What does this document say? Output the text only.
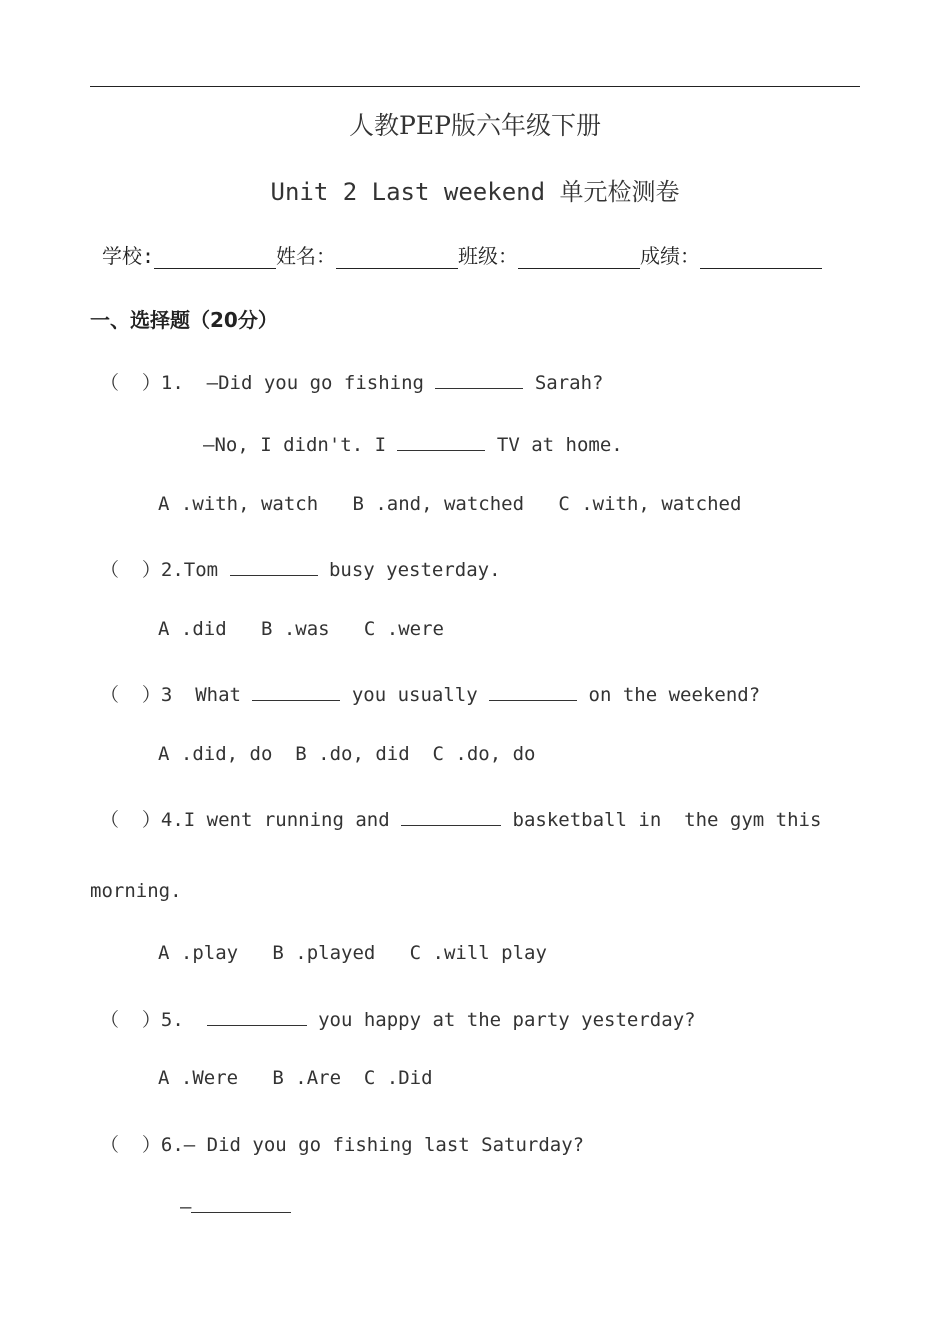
人教PEP版六年级下册
Unit 2 Last weekend 单元检测卷
学校:	姓名：	班级：	成绩：
一、选择题（20分）
（  ）1.  —Did you go fishing	Sarah?
—No, I didn't. I	TV at home.
A .with, watch   B .and, watched   C .with, watched
（  ）2.Tom	busy yesterday.
A .did   B .was   C .were
（  ）3  What	you usually	on the weekend?
A .did, do  B .do, did  C .do, do
（  ）4.I went running and	basketball in  the gym this
morning.
A .play   B .played   C .will play
（  ）5.	you happy at the party yesterday?
A .Were   B .Are  C .Did
（  ）6.— Did you go fishing last Saturday?
—
